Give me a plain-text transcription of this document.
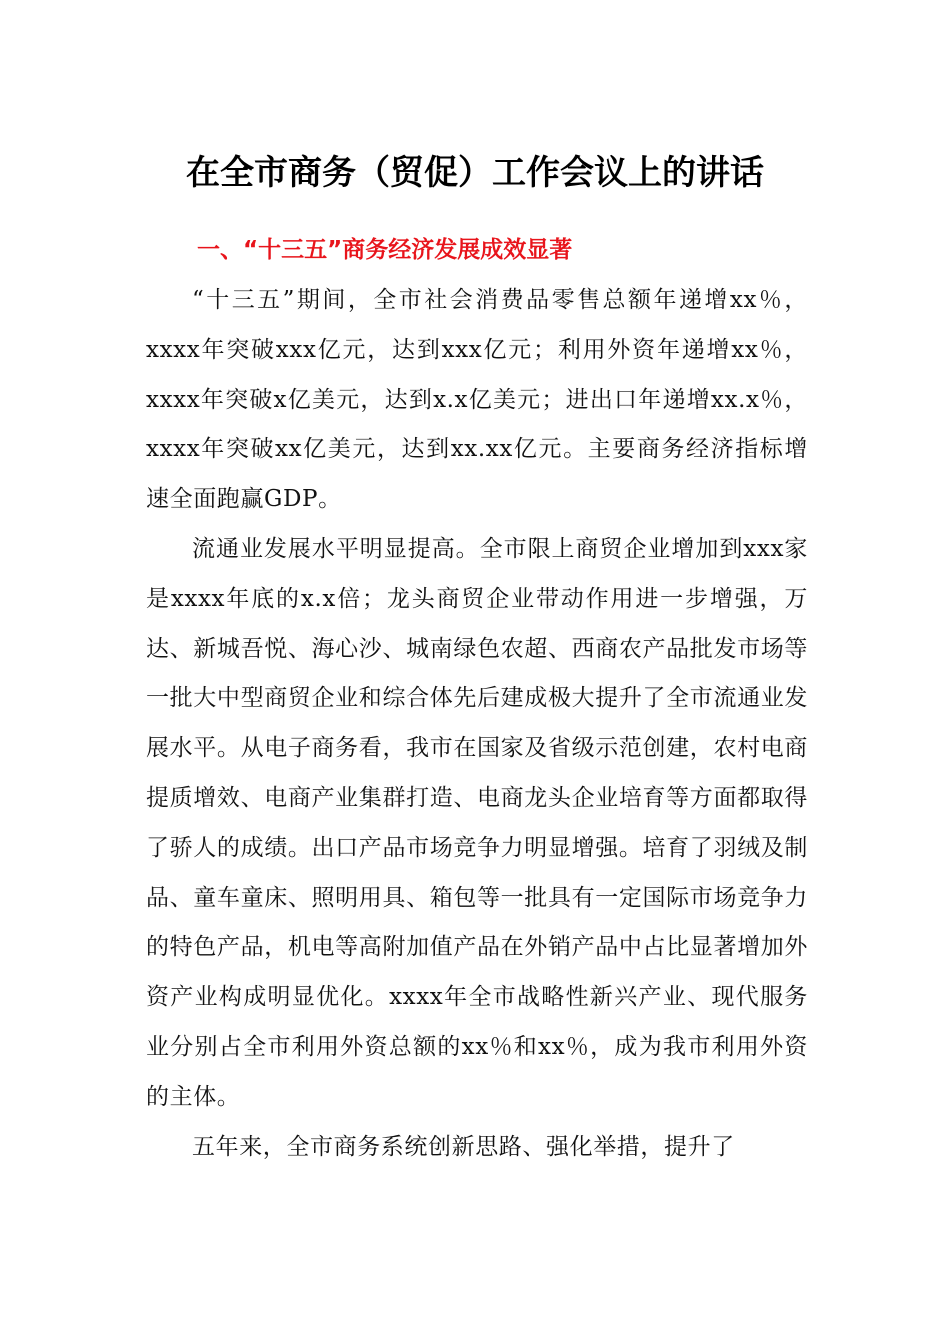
在全市商务（贸促）工作会议上的讲话
一、“十三五”商务经济发展成效显著

“十三五”期间，全市社会消费品零售总额年递增xx％，xxxx年突破xxx亿元，达到xxx亿元；利用外资年递增xx％，xxxx年突破x亿美元，达到x.x亿美元；进出口年递增xx.x％，xxxx年突破xx亿美元，达到xx.xx亿元。主要商务经济指标增速全面跑赢GDP。

流通业发展水平明显提高。全市限上商贸企业增加到xxx家是xxxx年底的x.x倍；龙头商贸企业带动作用进一步增强，万达、新城吾悦、海心沙、城南绿色农超、西商农产品批发市场等一批大中型商贸企业和综合体先后建成极大提升了全市流通业发展水平。从电子商务看，我市在国家及省级示范创建，农村电商提质增效、电商产业集群打造、电商龙头企业培育等方面都取得了骄人的成绩。出口产品市场竞争力明显增强。培育了羽绒及制品、童车童床、照明用具、箱包等一批具有一定国际市场竞争力的特色产品，机电等高附加值产品在外销产品中占比显著增加外资产业构成明显优化。xxxx年全市战略性新兴产业、现代服务业分别占全市利用外资总额的xx％和xx％，成为我市利用外资的主体。

五年来，全市商务系统创新思路、强化举措，提升了
